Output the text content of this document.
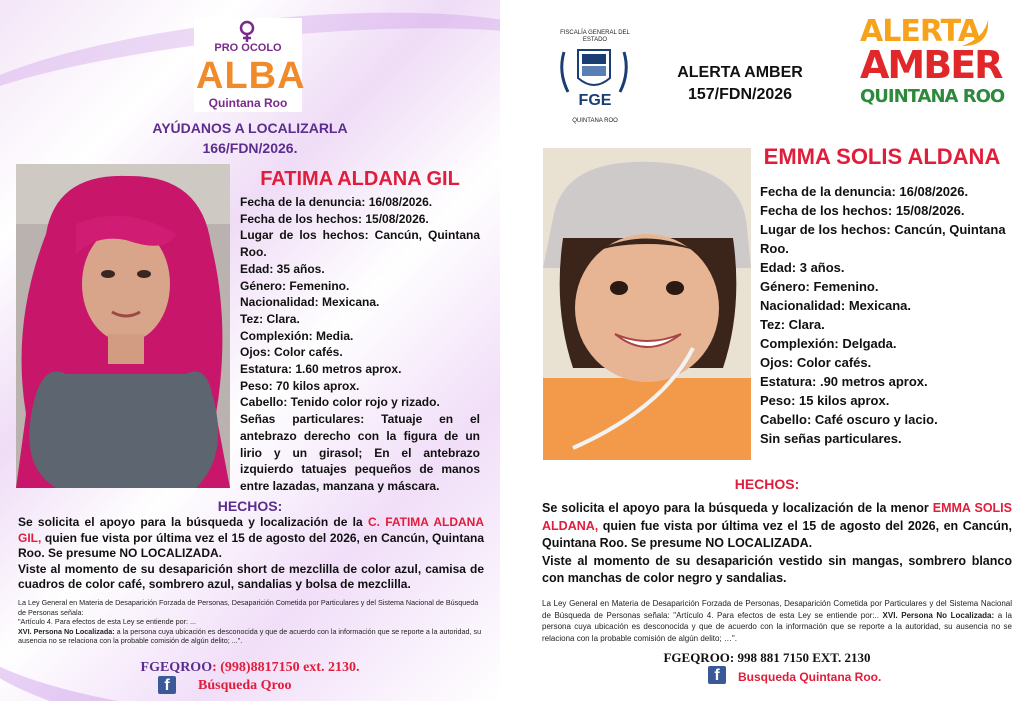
PRO OCOLO
ALBA
Quintana Roo
AYÚDANOS A LOCALIZARLA
166/FDN/2026.
FATIMA ALDANA GIL
Fecha de la denuncia: 16/08/2026.
Fecha de los hechos: 15/08/2026.
Lugar de los hechos: Cancún, Quintana Roo.
Edad: 35 años.
Género: Femenino.
Nacionalidad: Mexicana.
Tez: Clara.
Complexión: Media.
Ojos: Color cafés.
Estatura: 1.60 metros aprox.
Peso: 70 kilos aprox.
Cabello: Tenido color rojo y rizado.
Señas particulares: Tatuaje en el antebrazo derecho con la figura de un lirio y un girasol; En el antebrazo izquierdo tatuajes pequeños de manos entre lazadas, manzana y máscara.
HECHOS:
Se solicita el apoyo para la búsqueda y localización de la C. FATIMA ALDANA GIL, quien fue vista por última vez el 15 de agosto del 2026, en Cancún, Quintana Roo. Se presume NO LOCALIZADA.
Viste al momento de su desaparición short de mezclilla de color azul, camisa de cuadros de color café, sombrero azul, sandalias y bolsa de mezclilla.
La Ley General en Materia de Desaparición Forzada de Personas, Desaparición Cometida por Particulares y del Sistema Nacional de Búsqueda de Personas señala:
"Artículo 4. Para efectos de esta Ley se entiende por: ...
XVI. Persona No Localizada: a la persona cuya ubicación es desconocida y que de acuerdo con la información que se reporte a la autoridad, su ausencia no se relaciona con la probable comisión de algún delito; ...".
FGEQROO: (998)8817150 ext. 2130.
f	Búsqueda Qroo
FISCALÍA GENERAL DEL ESTADO
FGE
QUINTANA ROO
ALERTA AMBER
157/FDN/2026
ALERTA
AMBER
QUINTANA ROO
EMMA SOLIS ALDANA
Fecha de la denuncia: 16/08/2026.
Fecha de los hechos: 15/08/2026.
Lugar de los hechos: Cancún, Quintana Roo.
Edad: 3 años.
Género: Femenino.
Nacionalidad: Mexicana.
Tez: Clara.
Complexión: Delgada.
Ojos: Color cafés.
Estatura: .90 metros aprox.
Peso: 15 kilos aprox.
Cabello: Café oscuro y lacio.
Sin señas particulares.
HECHOS:
Se solicita el apoyo para la búsqueda y localización de la menor EMMA SOLIS ALDANA, quien fue vista por última vez el 15 de agosto del 2026, en Cancún, Quintana Roo. Se presume NO LOCALIZADA.
Viste al momento de su desaparición vestido sin mangas, sombrero blanco con manchas de color negro y sandalias.
La Ley General en Materia de Desaparición Forzada de Personas, Desaparición Cometida por Particulares y del Sistema Nacional de Búsqueda de Personas señala: "Artículo 4. Para efectos de esta Ley se entiende por:.. XVI. Persona No Localizada: a la persona cuya ubicación es desconocida y que de acuerdo con la información que se reporte a la autoridad, su ausencia no se relaciona con la probable comisión de algún delito; …".
FGEQROO: 998 881 7150 EXT. 2130
f	Busqueda Quintana Roo.
